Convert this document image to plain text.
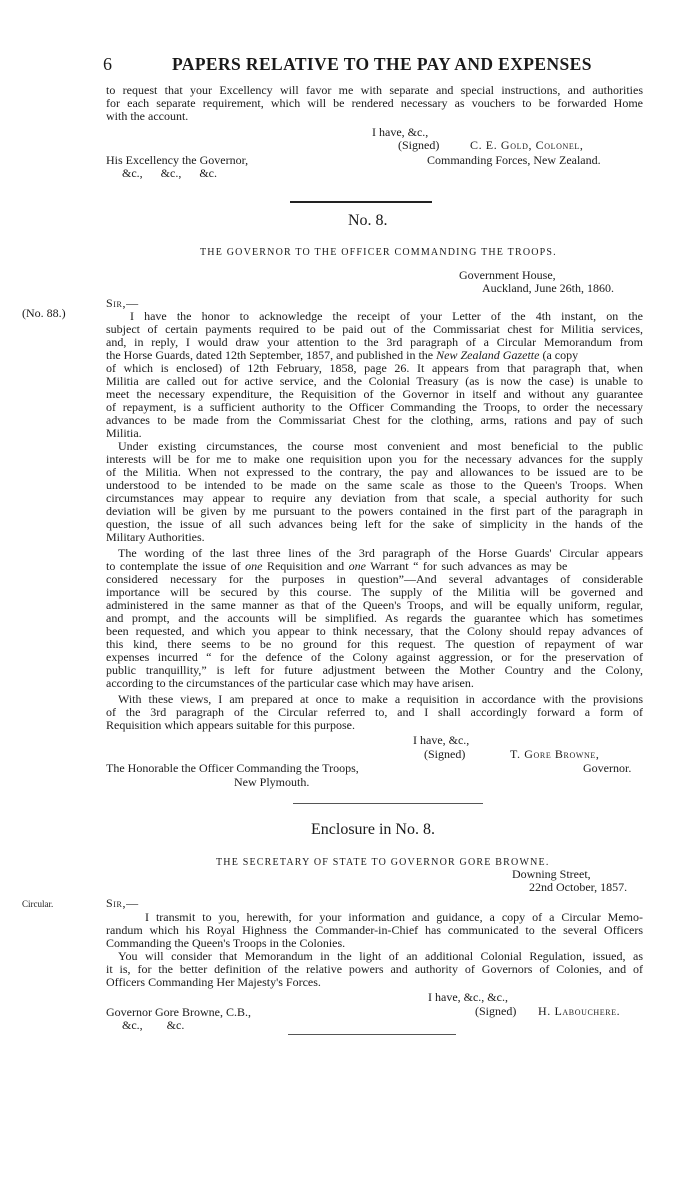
6	PAPERS RELATIVE TO THE PAY AND EXPENSES
to request that your Excellency will favor me with separate and special instructions, and authorities
for each separate requirement, which will be rendered necessary as vouchers to be forwarded Home
with the account.
I have, &c.,
(Signed)	C. E. Gold, Colonel,
His Excellency the Governor,	Commanding Forces, New Zealand.
&c.,      &c.,      &c.
No. 8.
THE GOVERNOR TO THE OFFICER COMMANDING THE TROOPS.
Government House,
Auckland, June 26th, 1860.
(No. 88.)
Sir,—
I have the honor to acknowledge the receipt of your Letter of the 4th instant, on the
subject of certain payments required to be paid out of the Commissariat chest for Militia services,
and, in reply, I would draw your attention to the 3rd paragraph of a Circular Memorandum from
the Horse Guards, dated 12th September, 1857, and published in the New Zealand Gazette (a copy
of which is enclosed) of 12th February, 1858, page 26. It appears from that paragraph that, when
Militia are called out for active service, and the Colonial Treasury (as is now the case) is unable to
meet the necessary expenditure, the Requisition of the Governor in itself and without any guarantee
of repayment, is a sufficient authority to the Officer Commanding the Troops, to order the necessary
advances to be made from the Commissariat Chest for the clothing, arms, rations and pay of such
Militia.
Under existing circumstances, the course most convenient and most beneficial to the public
interests will be for me to make one requisition upon you for the necessary advances for the supply
of the Militia. When not expressed to the contrary, the pay and allowances to be issued are to be
understood to be intended to be made on the same scale as those to the Queen's Troops. When
circumstances may appear to require any deviation from that scale, a special authority for such
deviation will be given by me pursuant to the powers contained in the first part of the paragraph in
question, the issue of all such advances being left for the sake of simplicity in the hands of the
Military Authorities.
The wording of the last three lines of the 3rd paragraph of the Horse Guards' Circular appears
to contemplate the issue of one Requisition and one Warrant “ for such advances as may be
considered necessary for the purposes in question”—And several advantages of considerable
importance will be secured by this course. The supply of the Militia will be governed and
administered in the same manner as that of the Queen's Troops, and will be equally uniform, regular,
and prompt, and the accounts will be simplified. As regards the guarantee which has sometimes
been requested, and which you appear to think necessary, that the Colony should repay advances of
this kind, there seems to be no ground for this request. The question of repayment of war
expenses incurred “ for the defence of the Colony against aggression, or for the preservation of
public tranquillity,” is left for future adjustment between the Mother Country and the Colony,
according to the circumstances of the particular case which may have arisen.
With these views, I am prepared at once to make a requisition in accordance with the provisions
of the 3rd paragraph of the Circular referred to, and I shall accordingly forward a form of
Requisition which appears suitable for this purpose.
I have, &c.,
(Signed)	T. Gore Browne,
The Honorable the Officer Commanding the Troops,	Governor.
New Plymouth.
Enclosure in No. 8.
THE SECRETARY OF STATE TO GOVERNOR GORE BROWNE.
Downing Street,
22nd October, 1857.
Circular.	Sir,—
I transmit to you, herewith, for your information and guidance, a copy of a Circular Memo-
randum which his Royal Highness the Commander-in-Chief has communicated to the several Officers
Commanding the Queen's Troops in the Colonies.
You will consider that Memorandum in the light of an additional Colonial Regulation, issued, as
it is, for the better definition of the relative powers and authority of Governors of Colonies, and of
Officers Commanding Her Majesty's Forces.
I have, &c., &c.,
(Signed) H. Labouchere.
Governor Gore Browne, C.B.,
&c.,        &c.
